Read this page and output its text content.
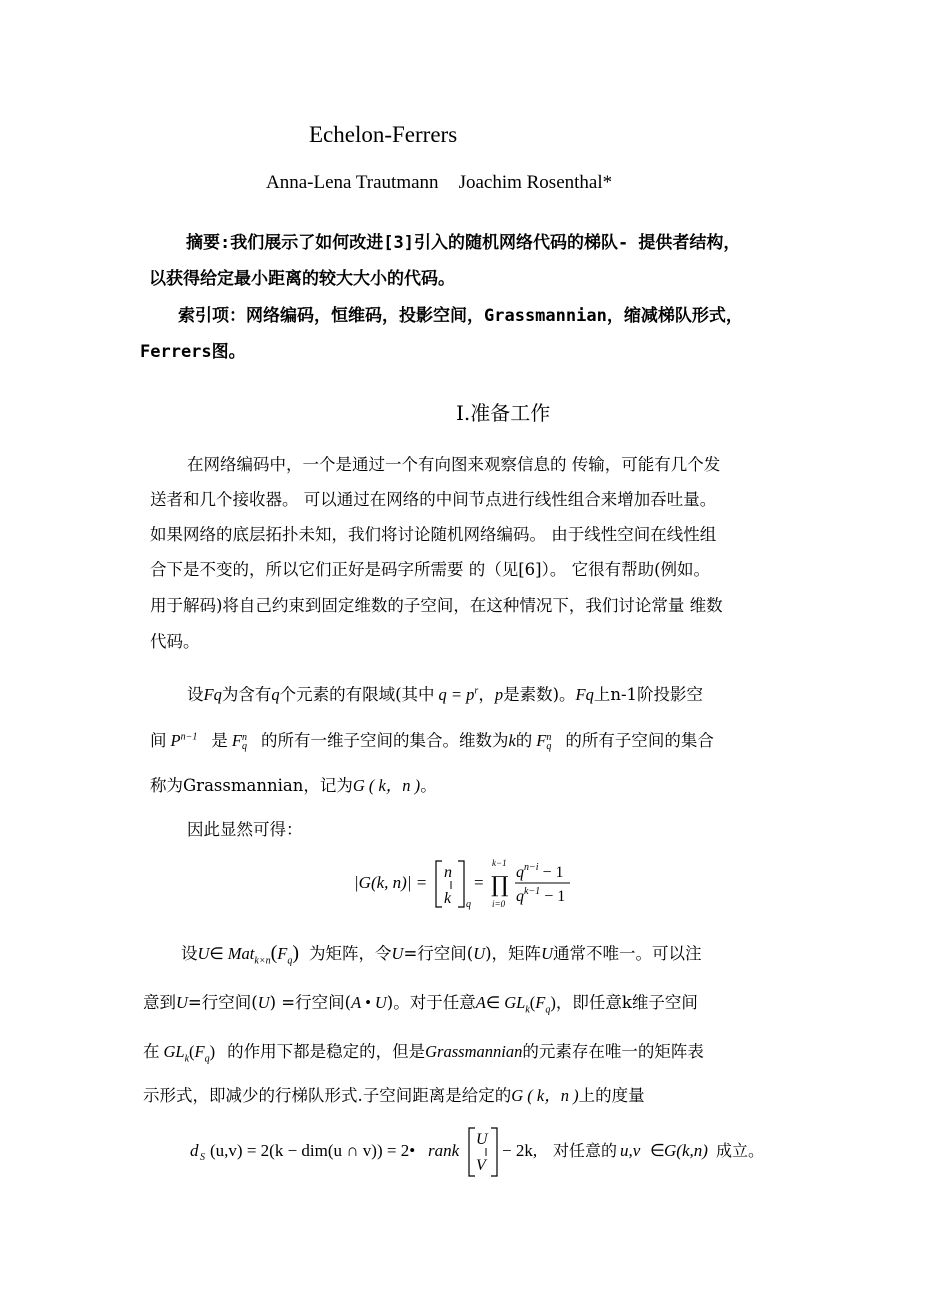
Echelon-Ferrers
Anna-Lena Trautmann Joachim Rosenthal*
摘要:我们展示了如何改进[3]引入的随机网络代码的梯队- 提供者结构，
以获得给定最小距离的较大大小的代码。
索引项：网络编码，恒维码，投影空间，Grassmannian，缩减梯队形式，
Ferrers图。
I.准备工作
在网络编码中，一个是通过一个有向图来观察信息的 传输，可能有几个发
送者和几个接收器。 可以通过在网络的中间节点进行线性组合来增加吞吐量。
如果网络的底层拓扑未知，我们将讨论随机网络编码。 由于线性空间在线性组
合下是不变的，所以它们正好是码字所需要 的（见[6]）。 它很有帮助(例如。
用于解码)将自己约束到固定维数的子空间，在这种情况下，我们讨论常量 维数
代码。
设Fq为含有q个元素的有限域(其中 $q = p^r$，p是素数)。Fq上n-1阶投影空
间 $P^{n-1}$ 是 F n
q 的所有一维子空间的集合。维数为k的 F n
q 的所有子空间的集合
称为Grassmannian，记为G ( k，n )。
因此显然可得：
|G(k, n)| =
n
k q
=
k−1
∏
i=0
$q^{n-i} - 1$
$q^{k-1} - 1$
设U∈ $Mat_{k\times n}(F_q)$ 为矩阵，令U=行空间(U)，矩阵U通常不唯一。可以注
意到U=行空间(U) =行空间(A • U)。对于任意A∈ $GL_k(F_q)$，即任意k维子空间
在 $GL_k(F_q)$ 的作用下都是稳定的，但是Grassmannian的元素存在唯一的矩阵表
示形式，即减少的行梯队形式.子空间距离是给定的G ( k，n )上的度量
d S (u,v) = 2(k − dim(u ∩ v)) = 2• rank
U
V
− 2k, 对任意的 u,v ∈ G(k,n) 成立。
